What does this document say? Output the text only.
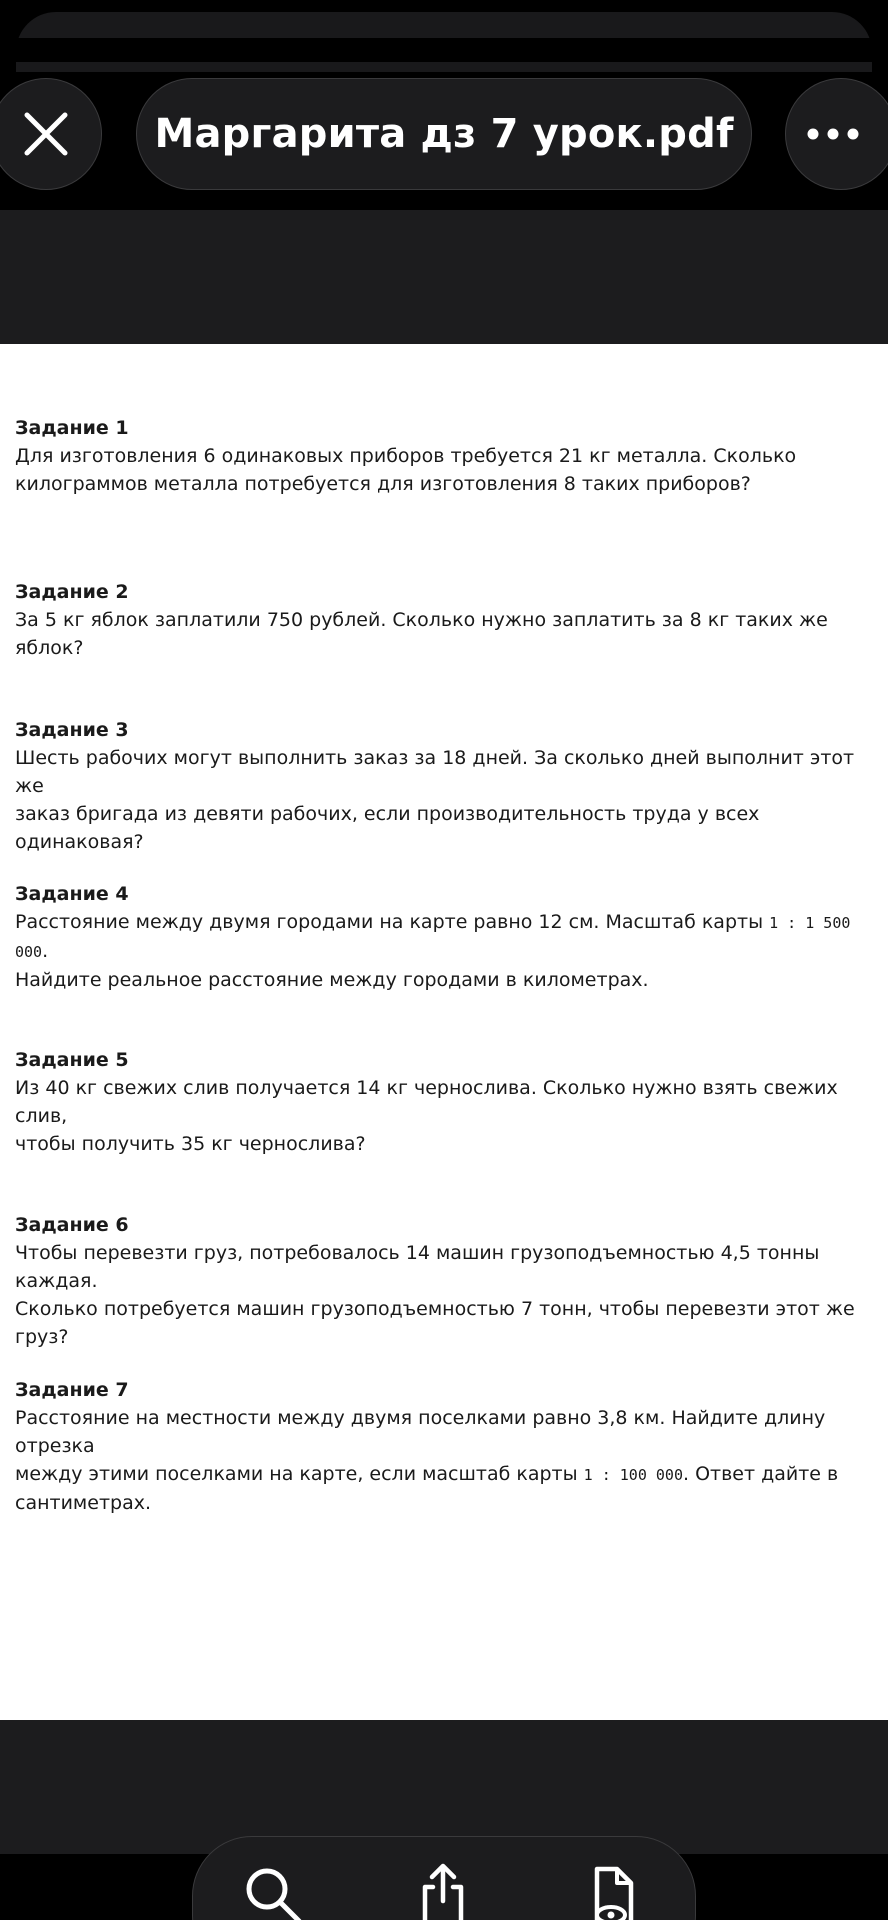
Маргарита дз 7 урок.pdf
Задание 1
Для изготовления 6 одинаковых приборов требуется 21 кг металла. Сколько
килограммов металла потребуется для изготовления 8 таких приборов?
Задание 2
За 5 кг яблок заплатили 750 рублей. Сколько нужно заплатить за 8 кг таких же яблок?
Задание 3
Шесть рабочих могут выполнить заказ за 18 дней. За сколько дней выполнит этот же
заказ бригада из девяти рабочих, если производительность труда у всех одинаковая?
Задание 4
Расстояние между двумя городами на карте равно 12 см. Масштаб карты 1 : 1 500 000.
Найдите реальное расстояние между городами в километрах.
Задание 5
Из 40 кг свежих слив получается 14 кг чернослива. Сколько нужно взять свежих слив,
чтобы получить 35 кг чернослива?
Задание 6
Чтобы перевезти груз, потребовалось 14 машин грузоподъемностью 4,5 тонны каждая.
Сколько потребуется машин грузоподъемностью 7 тонн, чтобы перевезти этот же груз?
Задание 7
Расстояние на местности между двумя поселками равно 3,8 км. Найдите длину отрезка
между этими поселками на карте, если масштаб карты 1 : 100 000. Ответ дайте в
сантиметрах.
